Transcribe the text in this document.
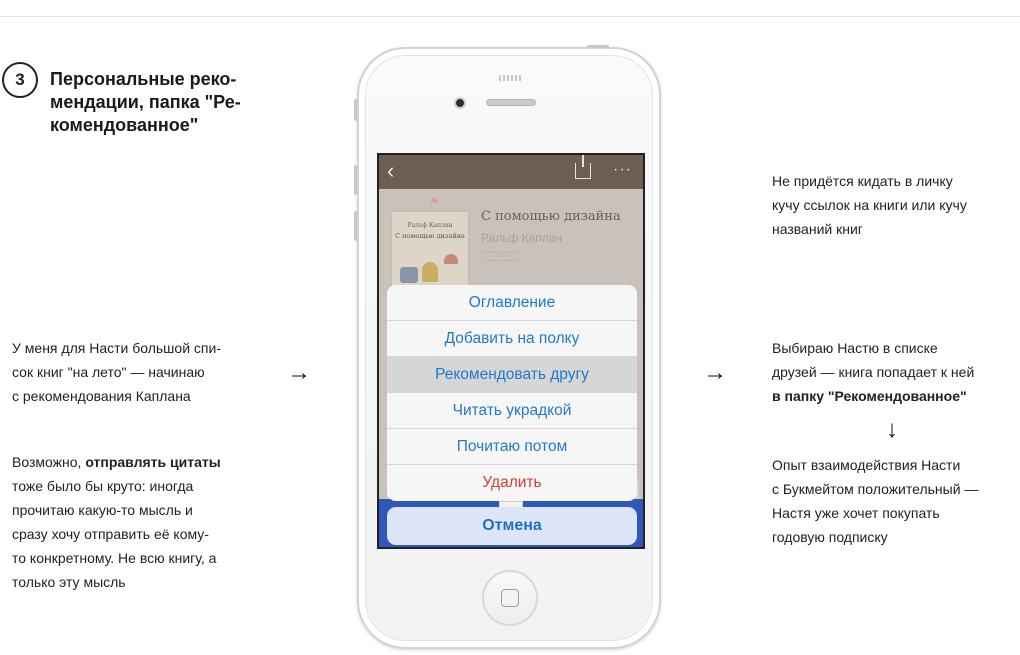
3	Персональные реко-мендации, папка "Ре-комендованное"
У меня для Насти большой спи-
сок книг "на лето" — начинаю
с рекомендования Каплана
→
Возможно, отправлять цитаты
тоже было бы круто: иногда
прочитаю какую-то мысль и
сразу хочу отправить её кому-
то конкретному. Не всю книгу, а
только эту мысль
‹	···
⚑
Ральф Каплан
С помощью дизайна
С помощью дизайна
Ральф Каплан
СТАНДАРТ
Оглавление
Добавить на полку
Рекомендовать другу
Читать украдкой
Почитаю потом
Удалить
Отмена
Не придётся кидать в личку
кучу ссылок на книги или кучу
названий книг
→
Выбираю Настю в списке
друзей — книга попадает к ней
в папку "Рекомендованное"
↓
Опыт взаимодействия Насти
с Букмейтом положительный —
Настя уже хочет покупать
годовую подписку
